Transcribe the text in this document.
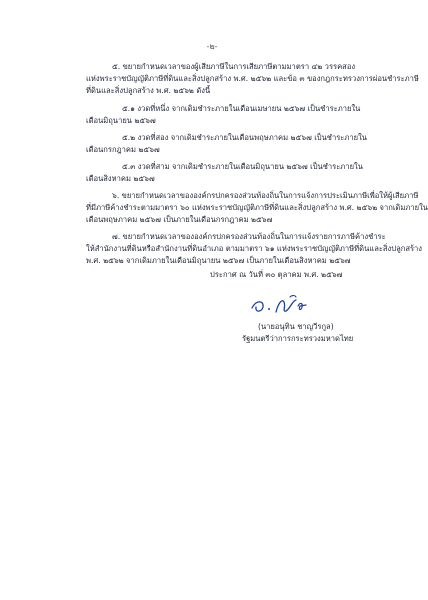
-๒-
๕. ขยายกำหนดเวลาของผู้เสียภาษีในการเสียภาษีตามมาตรา ๔๒ วรรคสอง
แห่งพระราชบัญญัติภาษีที่ดินและสิ่งปลูกสร้าง พ.ศ. ๒๕๖๒ และข้อ ๓ ของกฎกระทรวงการผ่อนชำระภาษี
ที่ดินและสิ่งปลูกสร้าง พ.ศ. ๒๕๖๒ ดังนี้
๕.๑ งวดที่หนึ่ง จากเดิมชำระภายในเดือนเมษายน ๒๕๖๗ เป็นชำระภายใน
เดือนมิถุนายน ๒๕๖๗
๕.๒ งวดที่สอง จากเดิมชำระภายในเดือนพฤษภาคม ๒๕๖๗ เป็นชำระภายใน
เดือนกรกฎาคม ๒๕๖๗
๕.๓ งวดที่สาม จากเดิมชำระภายในเดือนมิถุนายน ๒๕๖๗ เป็นชำระภายใน
เดือนสิงหาคม ๒๕๖๗
๖. ขยายกำหนดเวลาขององค์กรปกครองส่วนท้องถิ่นในการแจ้งการประเมินภาษีเพื่อให้ผู้เสียภาษี
ที่มีภาษีค้างชำระตามมาตรา ๖๐ แห่งพระราชบัญญัติภาษีที่ดินและสิ่งปลูกสร้าง พ.ศ. ๒๕๖๒ จากเดิมภายใน
เดือนพฤษภาคม ๒๕๖๗ เป็นภายในเดือนกรกฎาคม ๒๕๖๗
๗. ขยายกำหนดเวลาขององค์กรปกครองส่วนท้องถิ่นในการแจ้งรายการภาษีค้างชำระ
ให้สำนักงานที่ดินหรือสำนักงานที่ดินอำเภอ ตามมาตรา ๖๑ แห่งพระราชบัญญัติภาษีที่ดินและสิ่งปลูกสร้าง
พ.ศ. ๒๕๖๒ จากเดิมภายในเดือนมิถุนายน ๒๕๖๗ เป็นภายในเดือนสิงหาคม ๒๕๖๗
ประกาศ ณ วันที่ ๓๐ ตุลาคม พ.ศ. ๒๕๖๗
(นายอนุทิน ชาญวีรกูล)
รัฐมนตรีว่าการกระทรวงมหาดไทย
